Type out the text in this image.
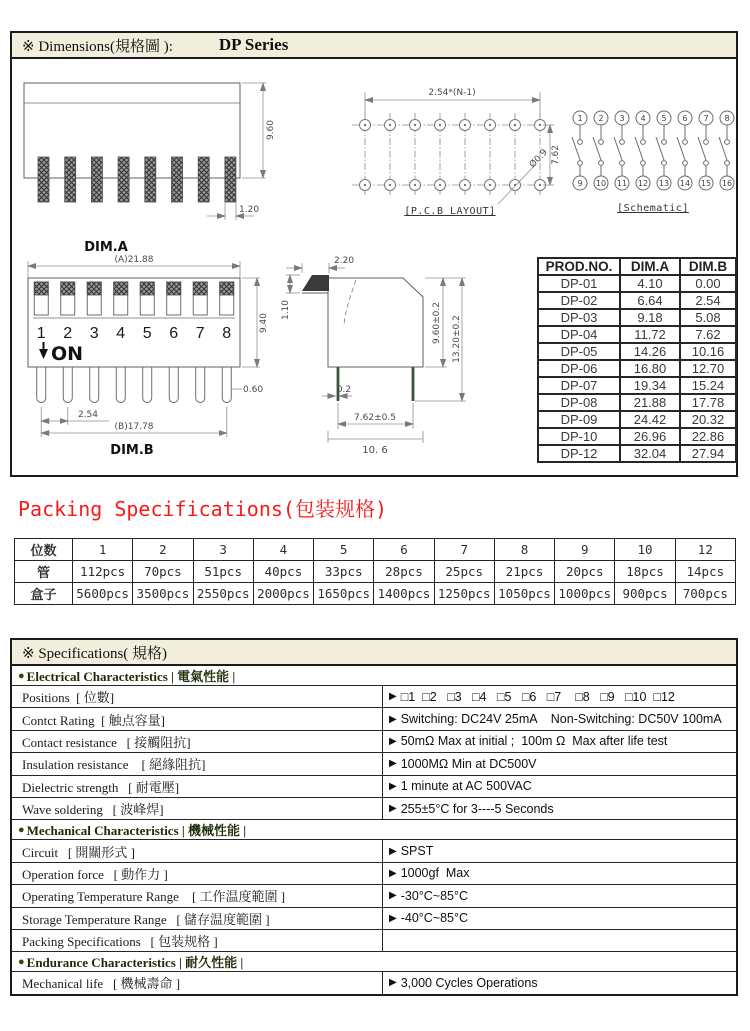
※ Dimensions(規格圖 ):	DP Series
9.60
1.20
2.54*(N-1)
7.62
Ø0.9
[P.C.B LAYOUT]
1
9
2
10
3
11
4
12
5
13
6
14
7
15
8
16
[Schematic]
DIM.A
(A)21.88
1 2 3 4 5 6 7 8
ON
9.40
0.60
2.54
(B)17.78
DIM.B
2.20
1.10	9.60±0.2 13.20±0.2
0.2
7.62±0.5
10. 6
PROD.NO.	DIM.A	DIM.B
DP-01	4.10	0.00
DP-02	6.64	2.54
DP-03	9.18	5.08
DP-04	11.72	7.62
DP-05	14.26	10.16
DP-06	16.80	12.70
DP-07	19.34	15.24
DP-08	21.88	17.78
DP-09	24.42	20.32
DP-10	26.96	22.86
DP-12	32.04	27.94
Packing Specifications(包装规格)
位数	1	2	3	4	5	6	7	8	9	10	12
管	112pcs	70pcs	51pcs	40pcs	33pcs	28pcs	25pcs	21pcs	20pcs	18pcs	14pcs
盒子	5600pcs	3500pcs	2550pcs	2000pcs	1650pcs	1400pcs	1250pcs	1050pcs	1000pcs	900pcs	700pcs
※ Specifications( 規格)
● Electrical Characteristics | 電氣性能 |
Positions  [ 位數]	▶ □1  □2   □3   □4   □5   □6   □7    □8   □9   □10  □12
Contct Rating  [ 触点容量]	▶ Switching: DC24V 25mA    Non-Switching: DC50V 100mA
Contact resistance   [ 接觸阻抗]	▶ 50mΩ Max at initial ;  100m Ω  Max after life test
Insulation resistance    [ 絕緣阻抗]	▶ 1000MΩ Min at DC500V
Dielectric strength   [ 耐電壓]	▶ 1 minute at AC 500VAC
Wave soldering   [ 波峰焊]	▶ 255±5°C for 3----5 Seconds
● Mechanical Characteristics | 機械性能 |
Circuit   [ 開關形式 ]	▶ SPST
Operation force   [ 動作力 ]	▶ 1000gf  Max
Operating Temperature Range    [ 工作温度範圍 ]	▶ -30°C~85°C
Storage Temperature Range   [ 儲存温度範圍 ]	▶ -40°C~85°C
Packing Specifications   [ 包装规格 ]
● Endurance Characteristics | 耐久性能 |
Mechanical life   [ 機械壽命 ]	▶ 3,000 Cycles Operations
